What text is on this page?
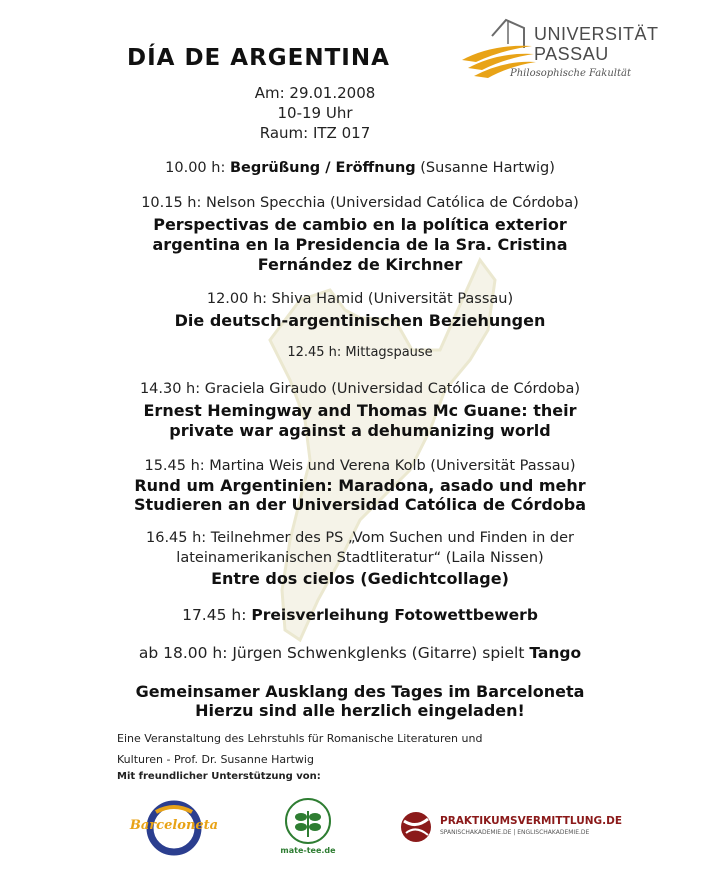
DÍA DE ARGENTINA
Am: 29.01.2008
10-19 Uhr
Raum: ITZ 017
UNIVERSITÄT
PASSAU
Philosophische Fakultät
10.00 h: Begrüßung / Eröffnung (Susanne Hartwig)
10.15 h: Nelson Specchia (Universidad Católica de Córdoba)
Perspectivas de cambio en la política exterior
argentina en la Presidencia de la Sra. Cristina
Fernández de Kirchner
12.00 h: Shiva Hamid (Universität Passau)
Die deutsch-argentinischen Beziehungen
12.45 h: Mittagspause
14.30 h: Graciela Giraudo (Universidad Católica de Córdoba)
Ernest Hemingway and Thomas Mc Guane: their
private war against a dehumanizing world
15.45 h: Martina Weis und Verena Kolb (Universität Passau)
Rund um Argentinien: Maradona, asado und mehr
Studieren an der Universidad Católica de Córdoba
16.45 h: Teilnehmer des PS „Vom Suchen und Finden in der
lateinamerikanischen Stadtliteratur“ (Laila Nissen)
Entre dos cielos (Gedichtcollage)
17.45 h: Preisverleihung Fotowettbewerb
ab 18.00 h: Jürgen Schwenkglenks (Gitarre) spielt Tango
Gemeinsamer Ausklang des Tages im Barceloneta
Hierzu sind alle herzlich eingeladen!
Eine Veranstaltung des Lehrstuhls für Romanische Literaturen und
Kulturen - Prof. Dr. Susanne Hartwig
Mit freundlicher Unterstützung von:
Barceloneta
mate-tee.de
PRAKTIKUMSVERMITTLUNG.DE
SPANISCHAKADEMIE.DE | ENGLISCHAKADEMIE.DE
